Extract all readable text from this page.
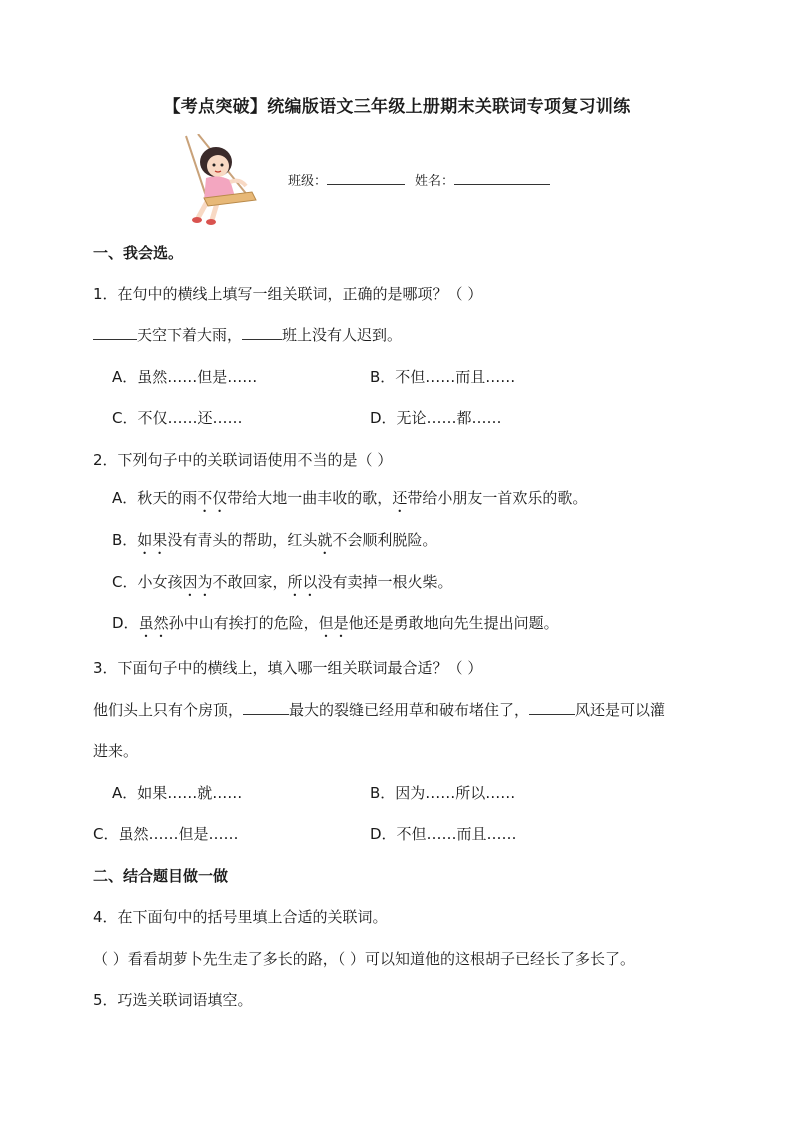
【考点突破】统编版语文三年级上册期末关联词专项复习训练
班级：	姓名：
一、我会选。
1．在句中的横线上填写一组关联词，正确的是哪项？（ ）
天空下着大雨，	班上没有人迟到。
A．虽然……但是……	B．不但……而且……
C．不仅……还……	D．无论……都……
2．下列句子中的关联词语使用不当的是（ ）
A．秋天的雨不仅带给大地一曲丰收的歌，还带给小朋友一首欢乐的歌。
B．如果没有青头的帮助，红头就不会顺利脱险。
C．小女孩因为不敢回家，所以没有卖掉一根火柴。
D．虽然孙中山有挨打的危险，但是他还是勇敢地向先生提出问题。
3．下面句子中的横线上，填入哪一组关联词最合适？（ ）
他们头上只有个房顶，	最大的裂缝已经用草和破布堵住了，	风还是可以灌
进来。
A．如果……就……	B．因为……所以……
C．虽然……但是……	D．不但……而且……
二、结合题目做一做
4．在下面句中的括号里填上合适的关联词。
（ ）看看胡萝卜先生走了多长的路，（ ）可以知道他的这根胡子已经长了多长了。
5．巧选关联词语填空。
